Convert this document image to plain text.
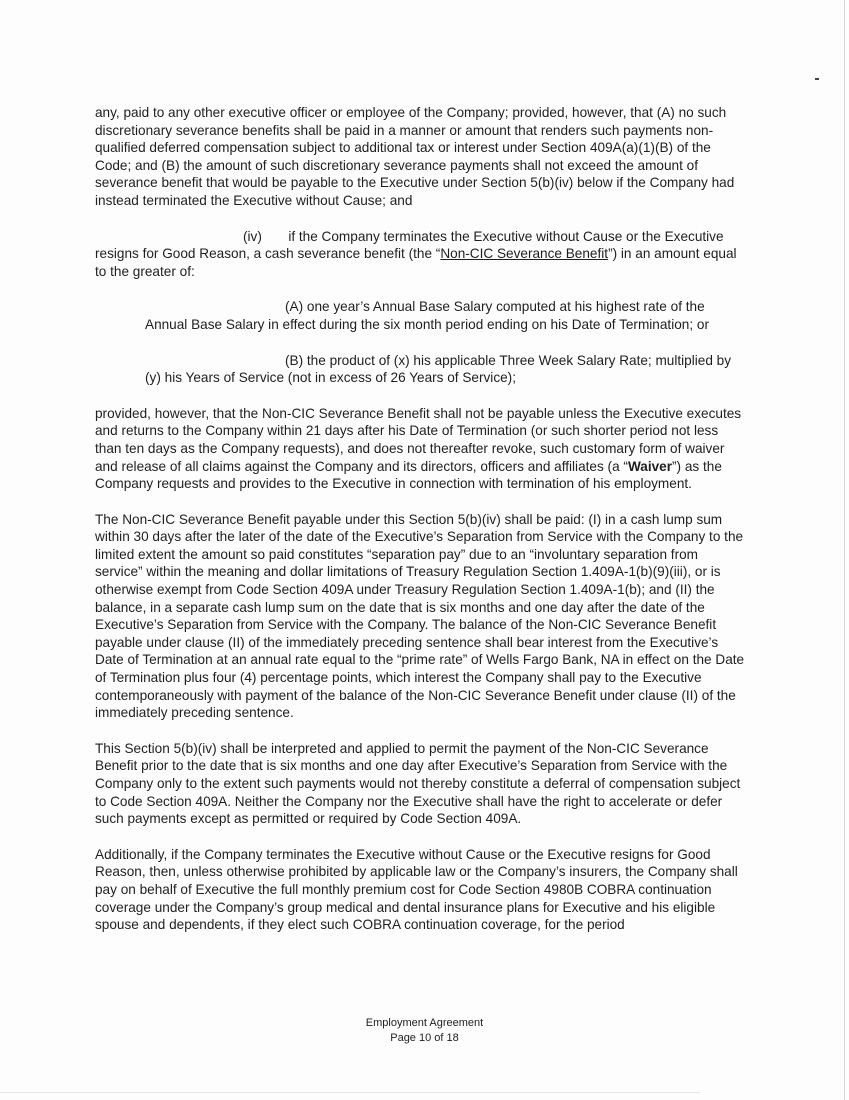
any, paid to any other executive officer or employee of the Company; provided, however, that (A) no such discretionary severance benefits shall be paid in a manner or amount that renders such payments non-qualified deferred compensation subject to additional tax or interest under Section 409A(a)(1)(B) of the Code; and (B) the amount of such discretionary severance payments shall not exceed the amount of severance benefit that would be payable to the Executive under Section 5(b)(iv) below if the Company had instead terminated the Executive without Cause; and

(iv) if the Company terminates the Executive without Cause or the Executive resigns for Good Reason, a cash severance benefit (the “Non-CIC Severance Benefit”) in an amount equal to the greater of:

(A) one year’s Annual Base Salary computed at his highest rate of the Annual Base Salary in effect during the six month period ending on his Date of Termination; or

(B) the product of (x) his applicable Three Week Salary Rate; multiplied by (y) his Years of Service (not in excess of 26 Years of Service);

provided, however, that the Non-CIC Severance Benefit shall not be payable unless the Executive executes and returns to the Company within 21 days after his Date of Termination (or such shorter period not less than ten days as the Company requests), and does not thereafter revoke, such customary form of waiver and release of all claims against the Company and its directors, officers and affiliates (a “Waiver”) as the Company requests and provides to the Executive in connection with termination of his employment.

The Non-CIC Severance Benefit payable under this Section 5(b)(iv) shall be paid: (I) in a cash lump sum within 30 days after the later of the date of the Executive’s Separation from Service with the Company to the limited extent the amount so paid constitutes “separation pay” due to an “involuntary separation from service” within the meaning and dollar limitations of Treasury Regulation Section 1.409A-1(b)(9)(iii), or is otherwise exempt from Code Section 409A under Treasury Regulation Section 1.409A-1(b); and (II) the balance, in a separate cash lump sum on the date that is six months and one day after the date of the Executive’s Separation from Service with the Company. The balance of the Non-CIC Severance Benefit payable under clause (II) of the immediately preceding sentence shall bear interest from the Executive’s Date of Termination at an annual rate equal to the “prime rate” of Wells Fargo Bank, NA in effect on the Date of Termination plus four (4) percentage points, which interest the Company shall pay to the Executive contemporaneously with payment of the balance of the Non-CIC Severance Benefit under clause (II) of the immediately preceding sentence.

This Section 5(b)(iv) shall be interpreted and applied to permit the payment of the Non-CIC Severance Benefit prior to the date that is six months and one day after Executive’s Separation from Service with the Company only to the extent such payments would not thereby constitute a deferral of compensation subject to Code Section 409A. Neither the Company nor the Executive shall have the right to accelerate or defer such payments except as permitted or required by Code Section 409A.

Additionally, if the Company terminates the Executive without Cause or the Executive resigns for Good Reason, then, unless otherwise prohibited by applicable law or the Company’s insurers, the Company shall pay on behalf of Executive the full monthly premium cost for Code Section 4980B COBRA continuation coverage under the Company’s group medical and dental insurance plans for Executive and his eligible spouse and dependents, if they elect such COBRA continuation coverage, for the period

Employment Agreement
Page 10 of 18
